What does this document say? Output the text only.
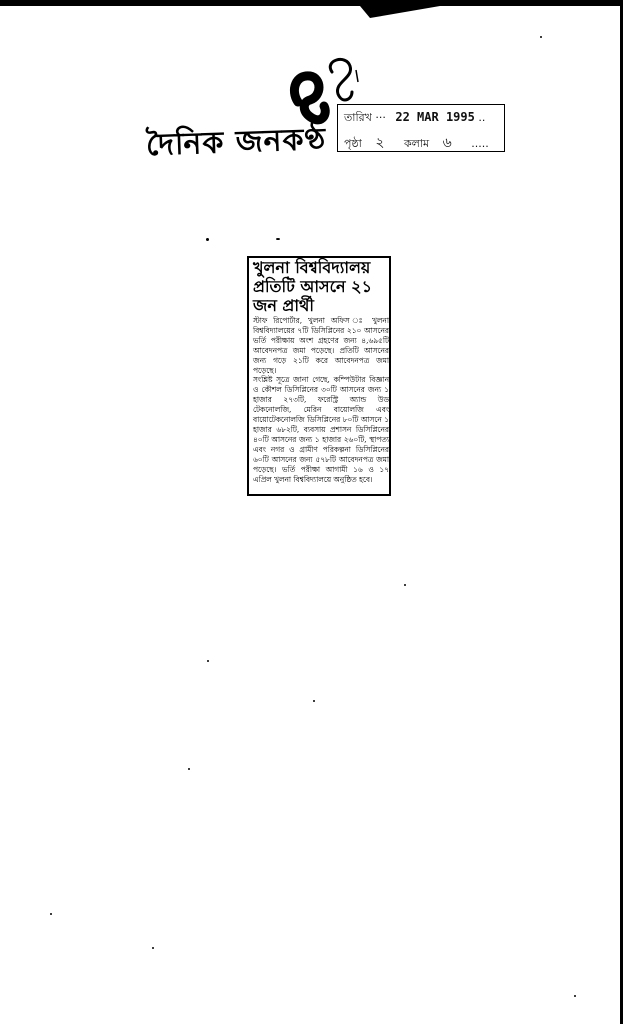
দৈনিক জনকণ্ঠ
তারিখ ··· 22 MAR 1995 ..
পৃষ্ঠা ২ কলাম ৬ .....
খুলনা বিশ্ববিদ্যালয় প্রতিটি আসনে ২১ জন প্রার্থী

স্টাফ রিপোর্টার, খুলনা অফিস ঃ খুলনা বিশ্ববিদ্যালয়ের ৭টি ডিসিপ্লিনের ২১০ আসনের ভর্তি পরীক্ষায় অংশ গ্রহণের জন্য ৪,৬৯৫টি আবেদনপত্র জমা পড়েছে। প্রতিটি আসনের জন্য গড়ে ২১টি করে আবেদনপত্র জমা পড়েছে।

সংশ্লিষ্ট সূত্রে জানা গেছে, কম্পিউটার বিজ্ঞান ও কৌশল ডিসিপ্লিনের ৩০টি আসনের জন্য ১ হাজার ২৭৩টি, ফরেস্ট্রি অ্যান্ড উড টেকনোলজি, মেরিন বায়োলজি এবং বায়োটেকনোলজি ডিসিপ্লিনের ৮০টি আসনে ১ হাজার ৬৮২টি, ব্যবসায় প্রশাসন ডিসিপ্লিনের ৪০টি আসনের জন্য ১ হাজার ২৬০টি, স্থাপত্য এবং নগর ও গ্রামীণ পরিকল্পনা ডিসিপ্লিনের ৬০টি আসনের জন্য ৫৭৮টি আবেদনপত্র জমা পড়েছে। ভর্তি পরীক্ষা আগামী ১৬ ও ১৭ এপ্রিল খুলনা বিশ্ববিদ্যালয়ে অনুষ্ঠিত হবে।
